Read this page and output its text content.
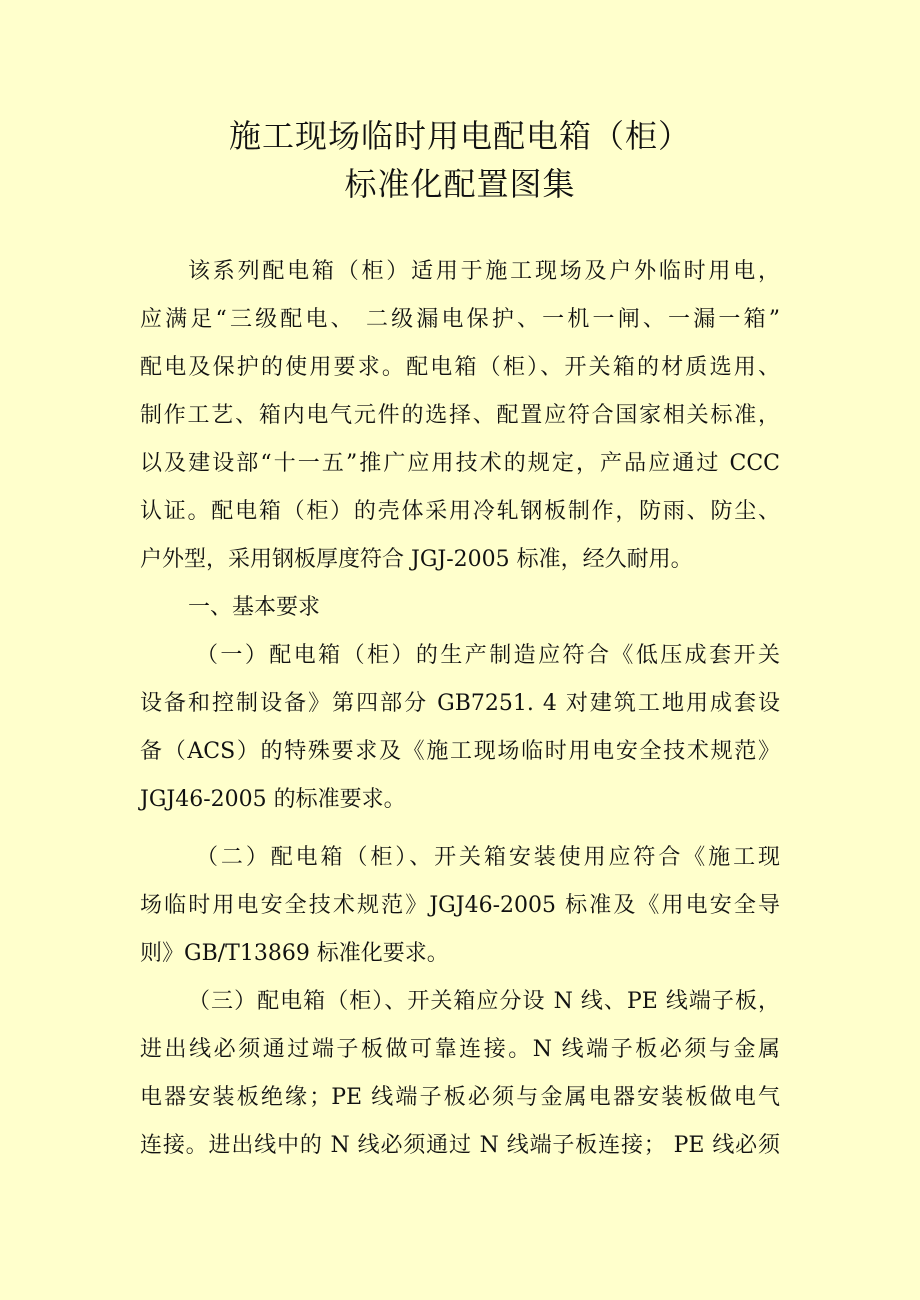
施工现场临时用电配电箱（柜）
标准化配置图集
该系列配电箱（柜）适用于施工现场及户外临时用电，
应满足“三级配电、 二级漏电保护、一机一闸、一漏一箱”
配电及保护的使用要求。配电箱（柜）、开关箱的材质选用、
制作工艺、箱内电气元件的选择、配置应符合国家相关标准，
以及建设部“十一五”推广应用技术的规定，产品应通过 CCC
认证。配电箱（柜）的壳体采用冷轧钢板制作，防雨、防尘、
户外型，采用钢板厚度符合 JGJ-2005 标准，经久耐用。
一、基本要求
（一）配电箱（柜）的生产制造应符合《低压成套开关
设备和控制设备》第四部分 GB7251. 4 对建筑工地用成套设
备（ACS）的特殊要求及《施工现场临时用电安全技术规范》
JGJ46-2005 的标准要求。
（二）配电箱（柜）、开关箱安装使用应符合《施工现
场临时用电安全技术规范》JGJ46-2005 标准及《用电安全导
则》GB/T13869 标准化要求。
（三）配电箱（柜）、开关箱应分设 N 线、PE 线端子板，
进出线必须通过端子板做可靠连接。N 线端子板必须与金属
电器安装板绝缘；PE 线端子板必须与金属电器安装板做电气
连接。进出线中的 N 线必须通过 N 线端子板连接； PE 线必须
